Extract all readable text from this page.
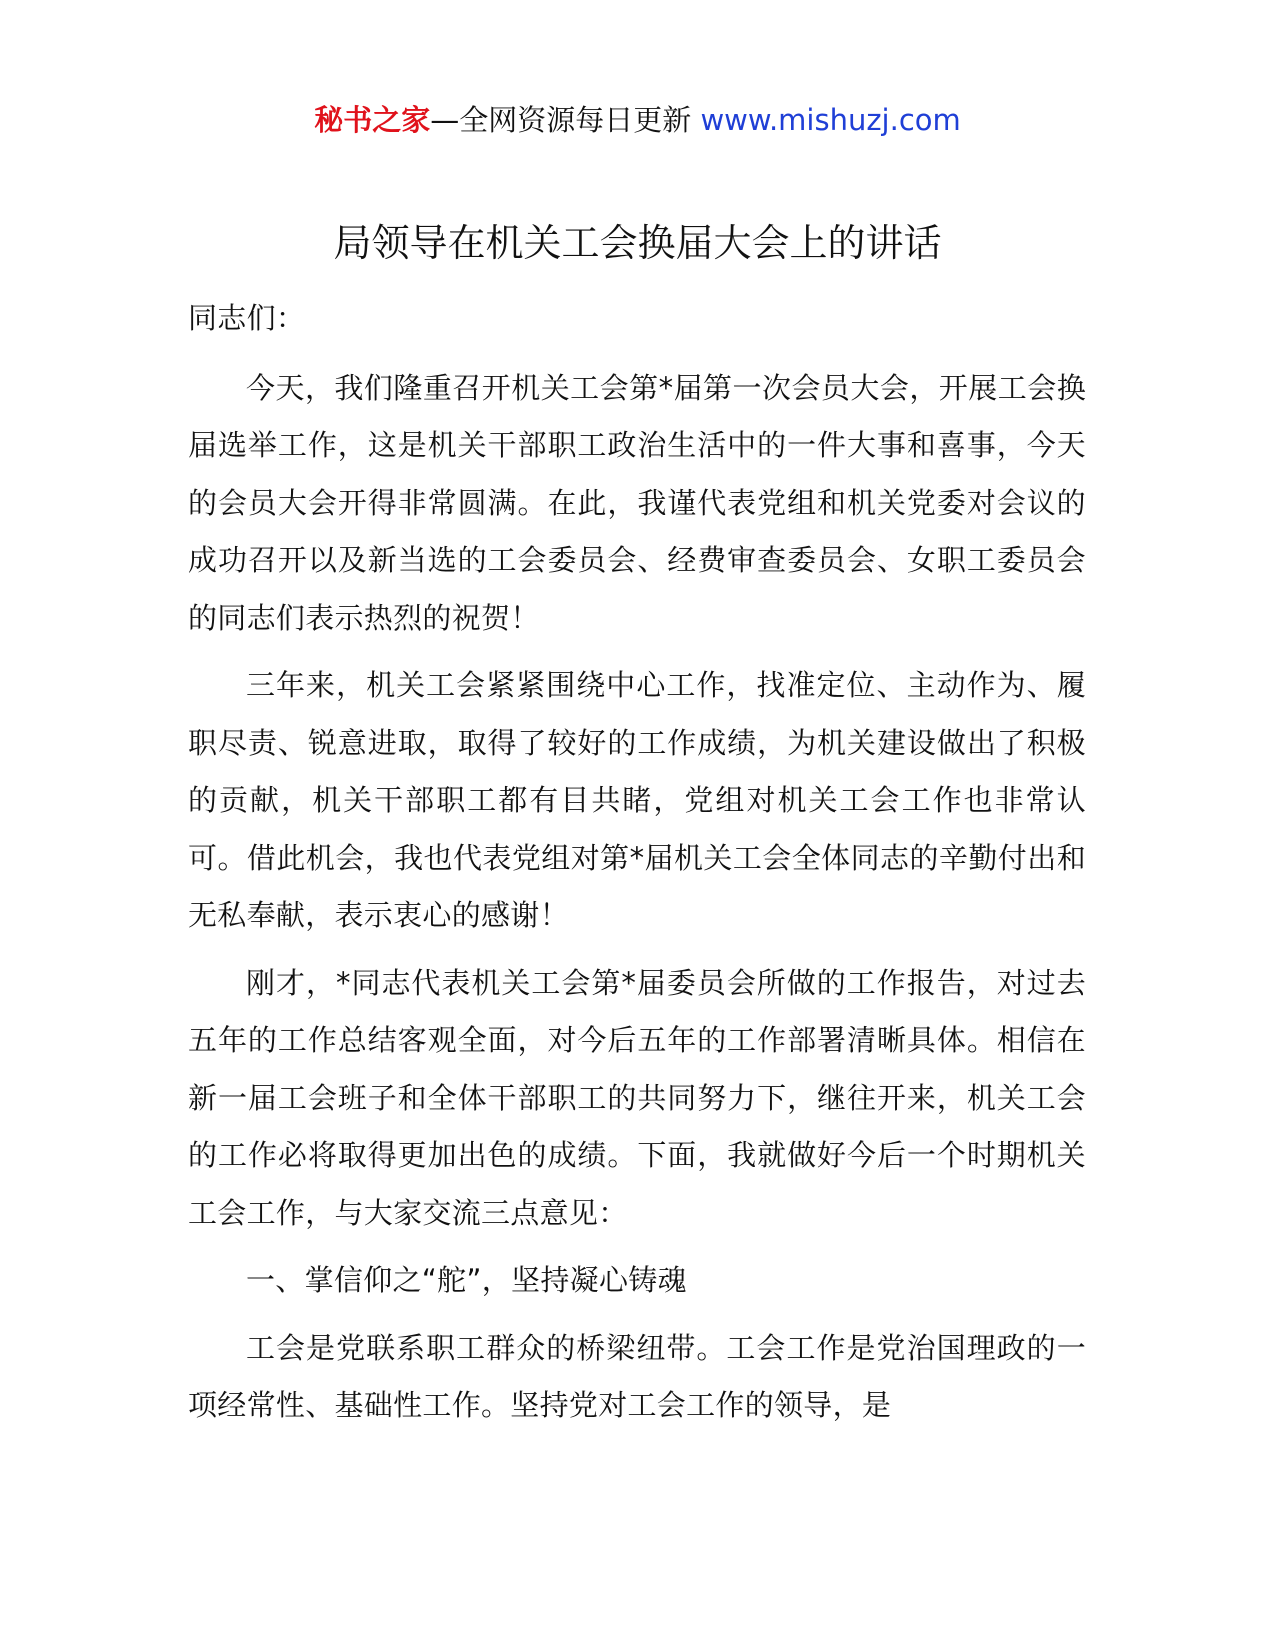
秘书之家—全网资源每日更新 www.mishuzj.com
局领导在机关工会换届大会上的讲话

同志们：

今天，我们隆重召开机关工会第*届第一次会员大会，开展工会换届选举工作，这是机关干部职工政治生活中的一件大事和喜事，今天的会员大会开得非常圆满。在此，我谨代表党组和机关党委对会议的成功召开以及新当选的工会委员会、经费审查委员会、女职工委员会的同志们表示热烈的祝贺！

三年来，机关工会紧紧围绕中心工作，找准定位、主动作为、履职尽责、锐意进取，取得了较好的工作成绩，为机关建设做出了积极的贡献，机关干部职工都有目共睹，党组对机关工会工作也非常认可。借此机会，我也代表党组对第*届机关工会全体同志的辛勤付出和无私奉献，表示衷心的感谢！

刚才，*同志代表机关工会第*届委员会所做的工作报告，对过去五年的工作总结客观全面，对今后五年的工作部署清晰具体。相信在新一届工会班子和全体干部职工的共同努力下，继往开来，机关工会的工作必将取得更加出色的成绩。下面，我就做好今后一个时期机关工会工作，与大家交流三点意见：

一、掌信仰之“舵”，坚持凝心铸魂

工会是党联系职工群众的桥梁纽带。工会工作是党治国理政的一项经常性、基础性工作。坚持党对工会工作的领导，是
